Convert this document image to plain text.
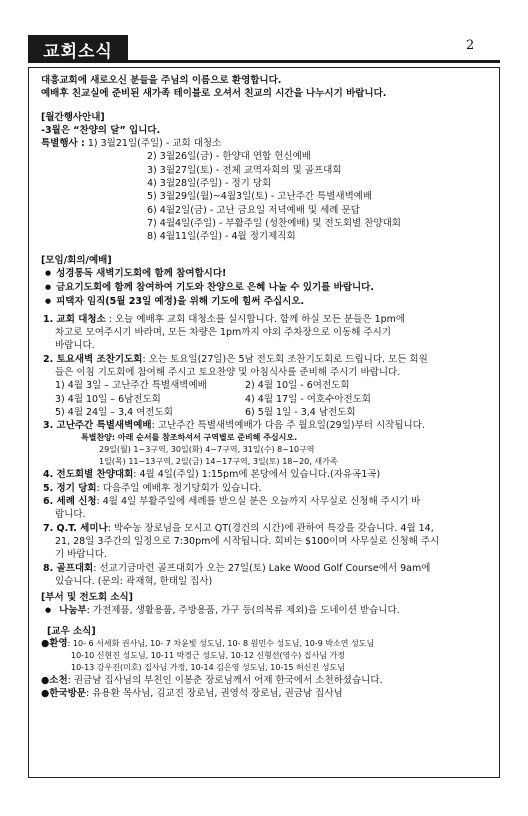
교회소식	2
대흥교회에 새로오신 분들을 주님의 이름으로 환영합니다.
예배후 친교실에 준비된 새가족 테이블로 오셔서 친교의 시간을 나누시기 바랍니다.
[월간행사안내]
-3월은 “찬양의 달” 입니다.
특별행사 : 1) 3월21일(주일) - 교회 대청소
2) 3월26일(금) - 한양대 연합 헌신예배
3) 3월27일(토) - 전체 교역자회의 및 골프대회
4) 3월28일(주일) - 정기 당회
5) 3월29일(월)~4월3일(토) - 고난주간 특별새벽예배
6) 4월2일(금) - 고난 금요일 저녁예배 및 세례 문답
7) 4월4일(주일) - 부활주일 (성찬예배) 및 전도회별 찬양대회
8) 4월11일(주일) - 4월 정기제직회
[모임/회의/예배]
● 성경통독 새벽기도회에 함께 참여합시다!
● 금요기도회에 함께 참여하여 기도와 찬양으로 은혜 나눌 수 있기를 바랍니다.
● 피택자 임직(5월 23일 예정)을 위해 기도에 힘써 주십시오.
1. 교회 대청소 : 오늘 예배후 교회 대청소를 실시합니다. 함께 하실 모든 분들은 1pm에
차고로 모여주시기 바라며, 모든 차량은 1pm까지 야외 주차장으로 이동해 주시기
바랍니다.
2. 토요새벽 조찬기도회: 오는 토요일(27일)은 5남 전도회 조찬기도회로 드립니다. 모든 회원
들은 이침 기도회에 참여해 주시고 토요찬양 및 아침식사를 준비해 주시기 바랍니다.
1) 4월 3일 – 고난주간 특별새벽예배	2) 4월 10일 - 6여전도회
3) 4월 10일 – 6남전도회	4) 4월 17일 - 여호수아전도회
5) 4월 24일 – 3,4 여전도회	6) 5월 1일 - 3,4 남전도회
3. 고난주간 특별새벽예배: 고난주간 특별새벽예배가 다음 주 월요일(29일)부터 시작됩니다.
특별찬양: 아래 순서를 참조하셔서 구역별로 준비해 주십시오.
29일(월) 1~3구역, 30일(화) 4~7구역, 31일(수) 8~10구역
1일(목) 11~13구역, 2일(금) 14~17구역, 3일(토) 18~20, 새가족
4. 전도회별 찬양대회: 4월 4일(주일) 1:15pm에 본당에서 있습니다.(자유곡1곡)
5. 정기 당회: 다음주일 예배후 정기당회가 있습니다.
6. 세례 신청: 4월 4일 부활주일에 세례를 받으실 분은 오늘까지 사무실로 신청해 주시기 바
랍니다.
7. Q.T. 세미나: 박수농 장로님을 모시고 QT(경건의 시간)에 관하여 특강을 갖습니다. 4월 14,
21, 28일 3주간의 일정으로 7:30pm에 시작됩니다. 회비는 $100이며 사무실로 신청해 주시
기 바랍니다.
8. 골프대회: 선교기금마련 골프대회가 오는 27일(토) Lake Wood Golf Course에서 9am에
있습니다. (문의: 곽재혁, 한태일 집사)
[부서 및 전도회 소식]
● 나눔부: 가전제품, 생활용품, 주방용품, 가구 등(의복류 제외)을 도네이션 받습니다.
[교우 소식]
●환영: 10- 6 서세화 권사님, 10- 7 차윤빛 성도님, 10- 8 원민수 성도님, 10-9 박소연 성도님
10-10 신현진 성도님, 10-11 박경근 성도님, 10-12 신형선(영수) 집사님 가정
10-13 강우진(미호) 집사님 가정, 10-14 김은영 성도님, 10-15 허신진 성도님
●소천: 권금남 집사님의 부친인 이봉춘 장로님께서 어제 한국에서 소천하셨습니다.
●한국방문: 유용환 목사님, 김교진 장로님, 권영석 장로님, 권금남 집사님
